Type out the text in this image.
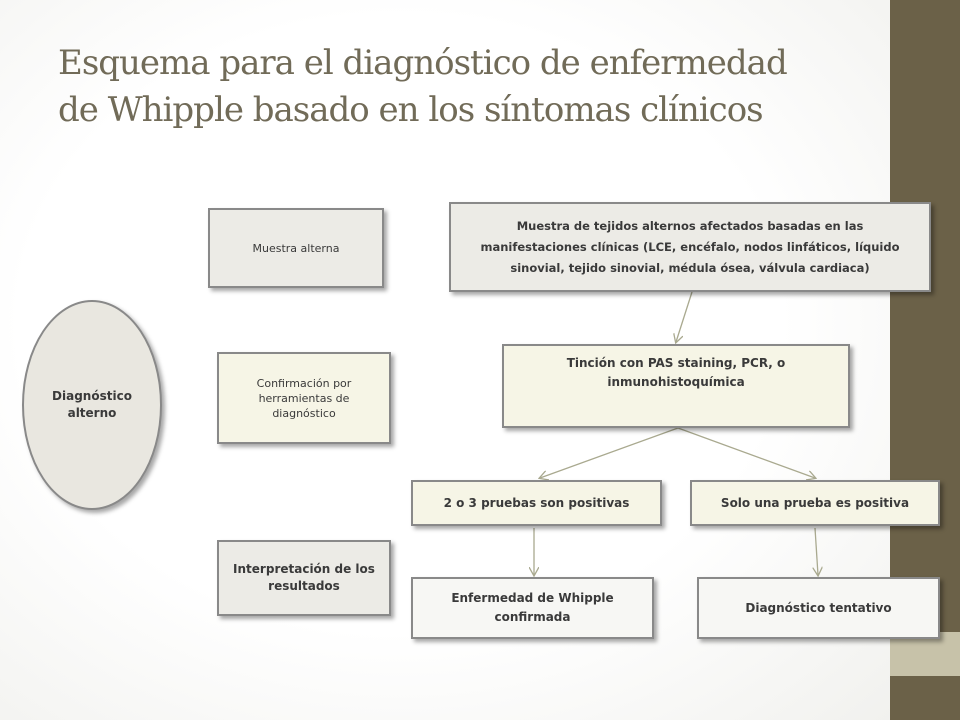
Esquema para el diagnóstico de enfermedad
de Whipple basado en los síntomas clínicos
Diagnóstico alterno
Muestra alterna
Confirmación por herramientas de diagnóstico
Interpretación de los resultados
Muestra de tejidos alternos afectados basadas en las manifestaciones clínicas (LCE, encéfalo, nodos linfáticos, líquido sinovial, tejido sinovial, médula ósea, válvula cardiaca)
Tinción con PAS staining, PCR, o inmunohistoquímica
2 o 3 pruebas son positivas	Solo una prueba es positiva
Enfermedad de Whipple confirmada
Diagnóstico tentativo
